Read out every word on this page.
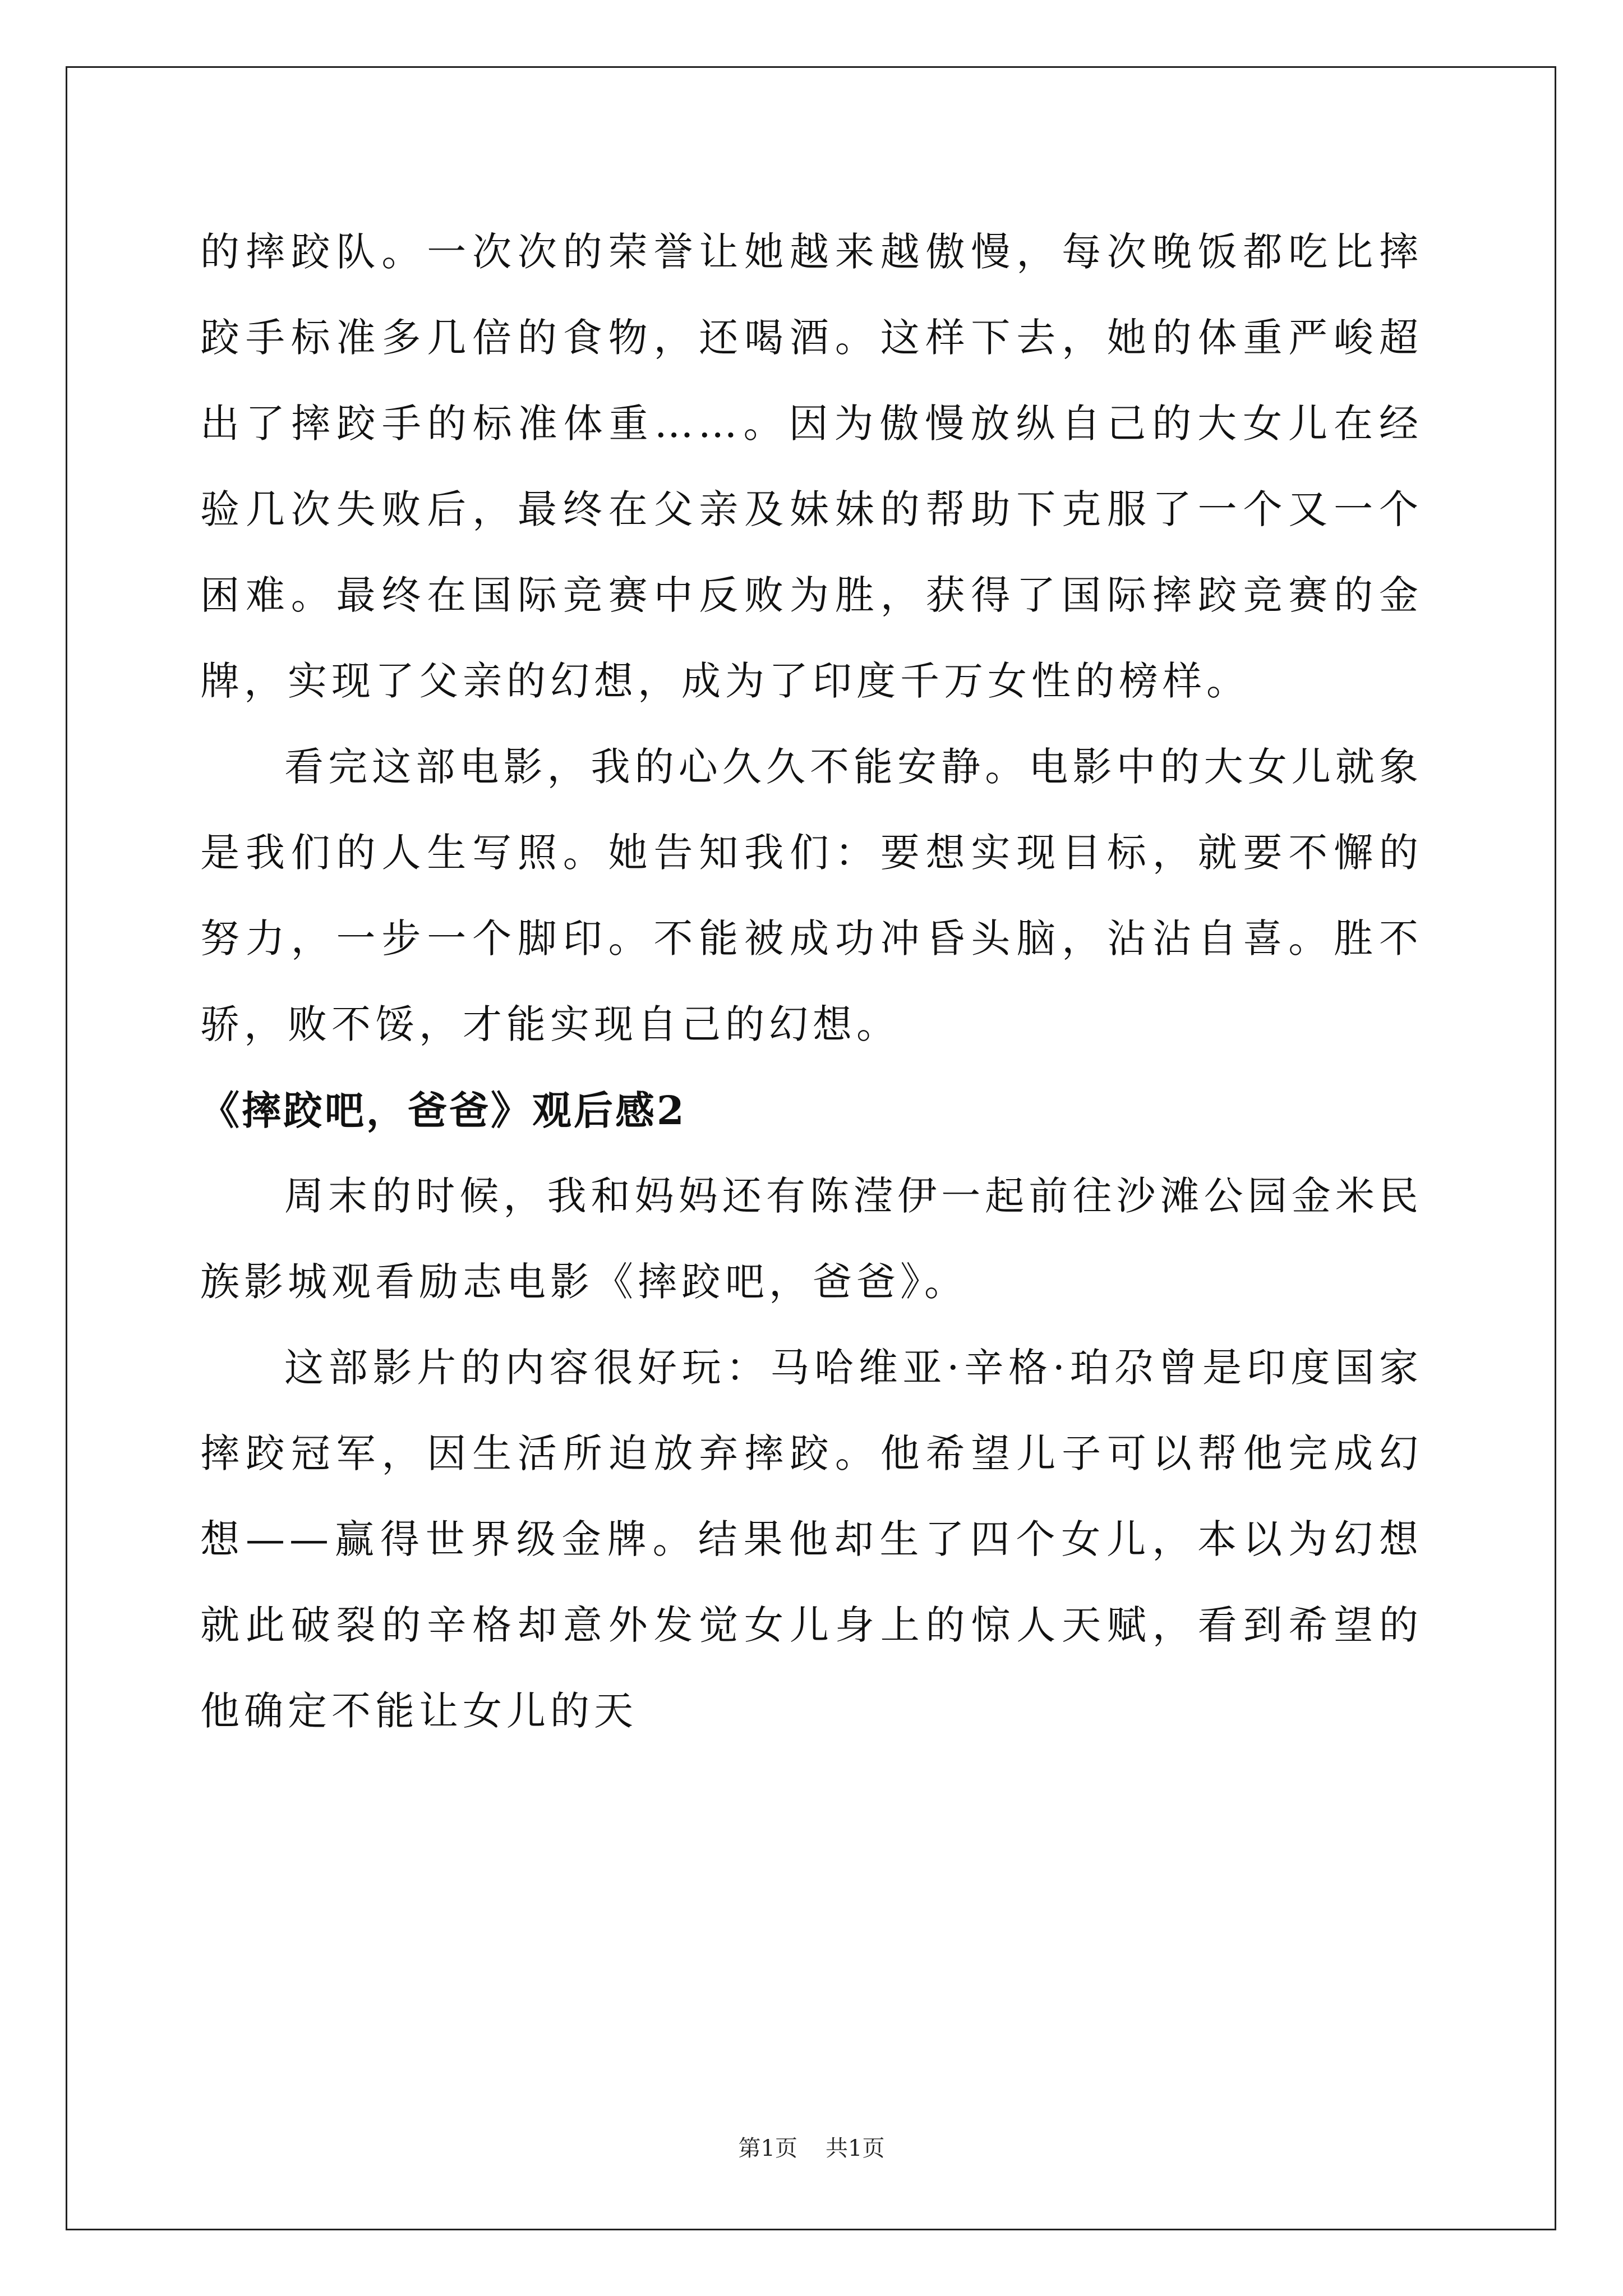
的摔跤队。一次次的荣誉让她越来越傲慢，每次晚饭都吃比摔跤手标准多几倍的食物，还喝酒。这样下去，她的体重严峻超出了摔跤手的标准体重……。因为傲慢放纵自己的大女儿在经验几次失败后，最终在父亲及妹妹的帮助下克服了一个又一个困难。最终在国际竞赛中反败为胜，获得了国际摔跤竞赛的金牌，实现了父亲的幻想，成为了印度千万女性的榜样。

看完这部电影，我的心久久不能安静。电影中的大女儿就象是我们的人生写照。她告知我们：要想实现目标，就要不懈的努力，一步一个脚印。不能被成功冲昏头脑，沾沾自喜。胜不骄，败不馁，才能实现自己的幻想。

《摔跤吧，爸爸》观后感2

周末的时候，我和妈妈还有陈滢伊一起前往沙滩公园金米民族影城观看励志电影《摔跤吧，爸爸》。

这部影片的内容很好玩：马哈维亚·辛格·珀尕曾是印度国家摔跤冠军，因生活所迫放弃摔跤。他希望儿子可以帮他完成幻想——赢得世界级金牌。结果他却生了四个女儿，本以为幻想就此破裂的辛格却意外发觉女儿身上的惊人天赋，看到希望的他确定不能让女儿的天

第1页 共1页
